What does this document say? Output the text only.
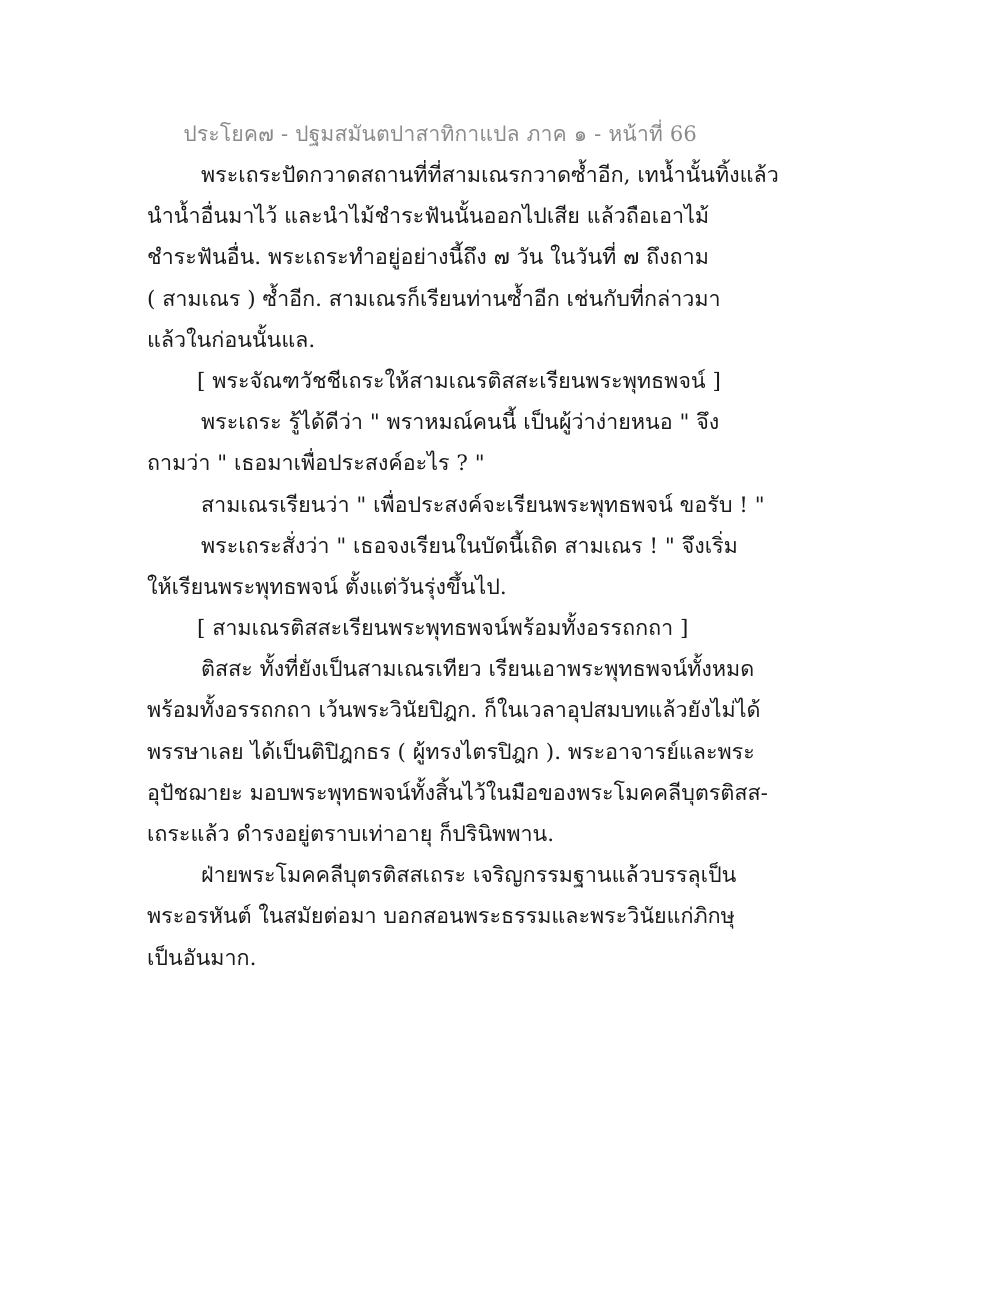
ประโยค๗ - ปฐมสมันตปาสาทิกาแปล ภาค ๑ - หน้าที่ 66
พระเถระปัดกวาดสถานที่ที่สามเณรกวาดซ้ำอีก, เทน้ำนั้นทิ้งแล้ว
นำน้ำอื่นมาไว้ และนำไม้ชำระฟันนั้นออกไปเสีย แล้วถือเอาไม้
ชำระฟันอื่น. พระเถระทำอยู่อย่างนี้ถึง ๗ วัน ในวันที่ ๗ ถึงถาม
( สามเณร ) ซ้ำอีก. สามเณรก็เรียนท่านซ้ำอีก เช่นกับที่กล่าวมา
แล้วในก่อนนั้นแล.
[ พระจัณฑวัชชีเถระให้สามเณรติสสะเรียนพระพุทธพจน์ ]
พระเถระ รู้ได้ดีว่า " พราหมณ์คนนี้ เป็นผู้ว่าง่ายหนอ " จึง
ถามว่า " เธอมาเพื่อประสงค์อะไร ? "
สามเณรเรียนว่า " เพื่อประสงค์จะเรียนพระพุทธพจน์ ขอรับ ! "
พระเถระสั่งว่า " เธอจงเรียนในบัดนี้เถิด สามเณร ! " จึงเริ่ม
ให้เรียนพระพุทธพจน์ ตั้งแต่วันรุ่งขึ้นไป.
[ สามเณรติสสะเรียนพระพุทธพจน์พร้อมทั้งอรรถกถา ]
ติสสะ ทั้งที่ยังเป็นสามเณรเทียว เรียนเอาพระพุทธพจน์ทั้งหมด
พร้อมทั้งอรรถกถา เว้นพระวินัยปิฎก. ก็ในเวลาอุปสมบทแล้วยังไม่ได้
พรรษาเลย ได้เป็นติปิฎกธร ( ผู้ทรงไตรปิฎก ). พระอาจารย์และพระ
อุปัชฌายะ มอบพระพุทธพจน์ทั้งสิ้นไว้ในมือของพระโมคคลีบุตรติสส-
เถระแล้ว ดำรงอยู่ตราบเท่าอายุ ก็ปรินิพพาน.
ฝ่ายพระโมคคลีบุตรติสสเถระ เจริญกรรมฐานแล้วบรรลุเป็น
พระอรหันต์ ในสมัยต่อมา บอกสอนพระธรรมและพระวินัยแก่ภิกษุ
เป็นอันมาก.
